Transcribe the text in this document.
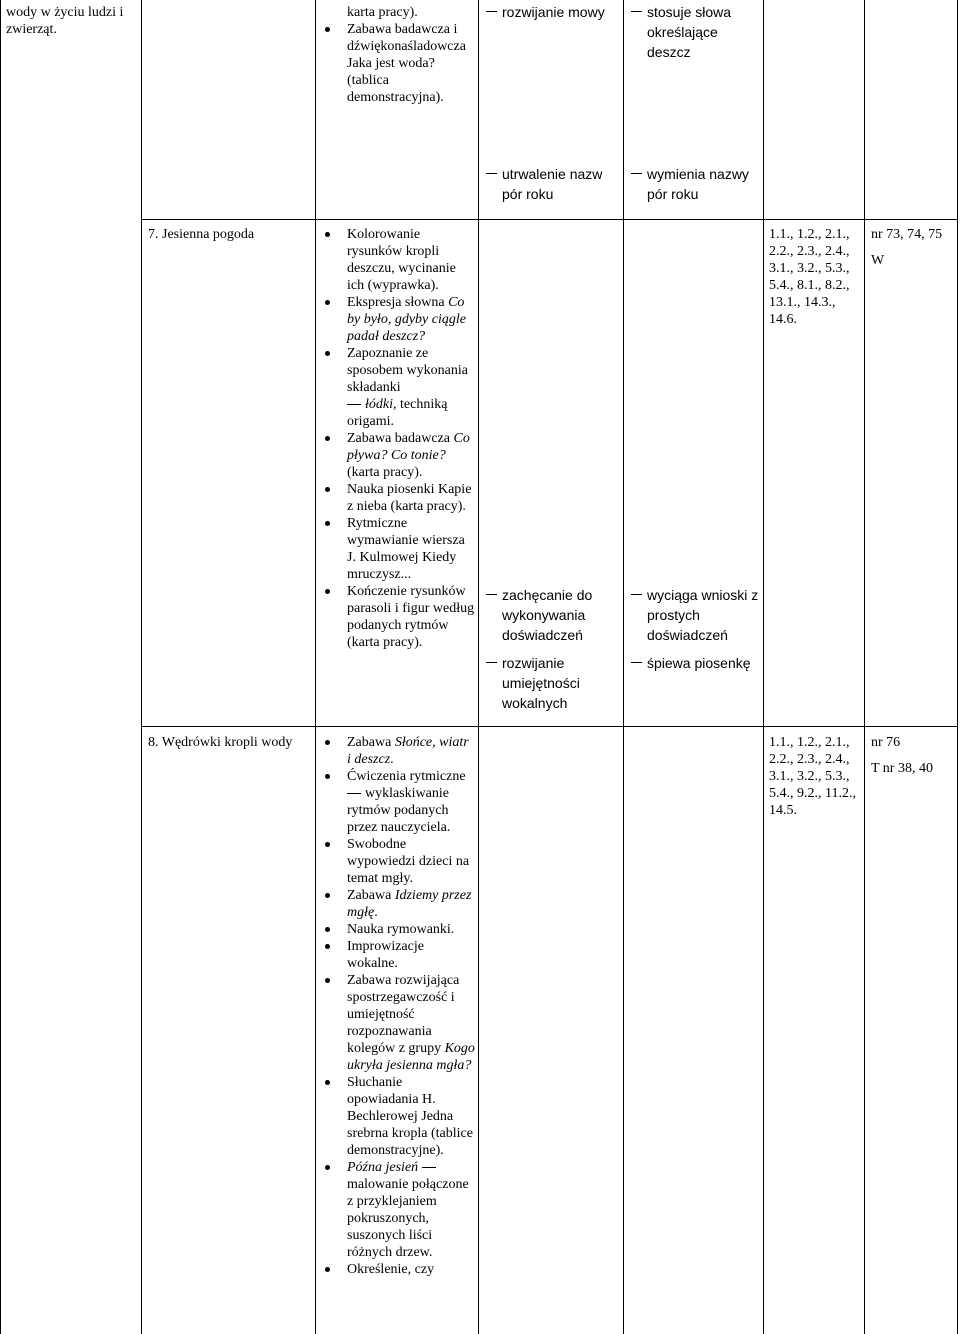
wody w życiu ludzi i zwierząt.
karta pracy).
Zabawa badawcza i dźwiękonaśladowcza Jaka jest woda? (tablica demonstracyjna).
rozwijanie mowy
utrwalenie nazw pór roku
stosuje słowa określające deszcz
wymienia nazwy pór roku
7. Jesienna pogoda	Kolorowanie rysunków kropli deszczu, wycinanie ich (wyprawka).
Ekspresja słowna Co by było, gdyby ciągle padał deszcz?
Zapoznanie ze sposobem wykonania składanki
łódki, techniką origami.
Zabawa badawcza Co pływa? Co tonie? (karta pracy).
Nauka piosenki Kapie z nieba (karta pracy).
Rytmiczne wymawianie wiersza J. Kulmowej Kiedy mruczysz...
Kończenie rysunków parasoli i figur według podanych rytmów (karta pracy).
zachęcanie do wykonywania doświadczeń
rozwijanie umiejętności wokalnych
wyciąga wnioski z prostych doświadczeń
śpiewa piosenkę
1.1., 1.2., 2.1., 2.2., 2.3., 2.4., 3.1., 3.2., 5.3., 5.4., 8.1., 8.2., 13.1., 14.3., 14.6.
nr 73, 74, 75
W
8. Wędrówki kropli wody	Zabawa Słońce, wiatr i deszcz.
Ćwiczenia rytmiczne
wyklaskiwanie rytmów podanych przez nauczyciela.
Swobodne wypowiedzi dzieci na temat mgły.
Zabawa Idziemy przez mgłę.
Nauka rymowanki.
Improwizacje wokalne.
Zabawa rozwijająca spostrzegawczość i umiejętność rozpoznawania kolegów z grupy Kogo ukryła jesienna mgła?
Słuchanie opowiadania H. Bechlerowej Jedna srebrna kropla (tablice demonstracyjne).
Późna jesień malowanie połączone z przyklejaniem pokruszonych, suszonych liści różnych drzew.
Określenie, czy
1.1., 1.2., 2.1., 2.2., 2.3., 2.4., 3.1., 3.2., 5.3., 5.4., 9.2., 11.2., 14.5.
nr 76
T nr 38, 40
